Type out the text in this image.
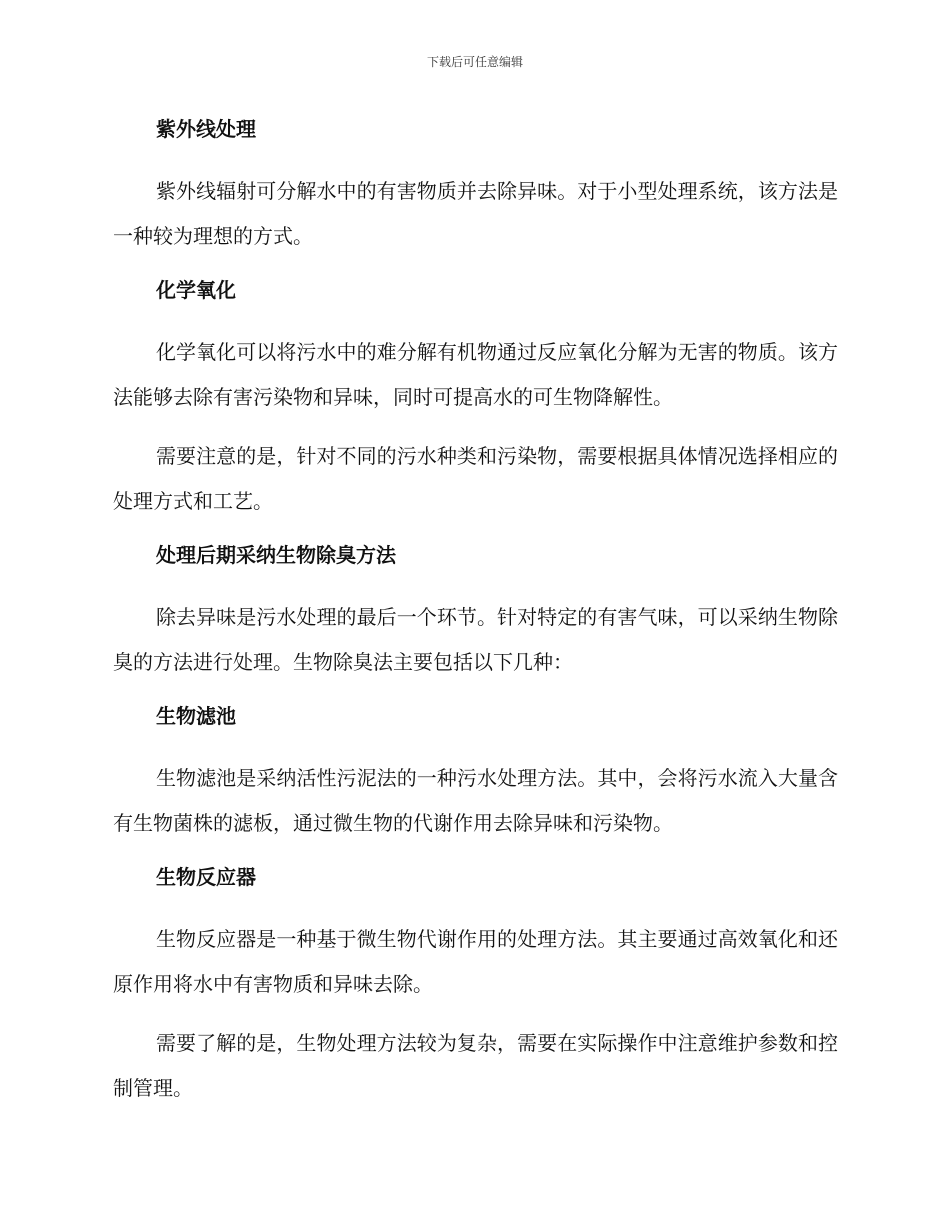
下载后可任意编辑
紫外线处理

紫外线辐射可分解水中的有害物质并去除异味。对于小型处理系统，该方法是一种较为理想的方式。

化学氧化

化学氧化可以将污水中的难分解有机物通过反应氧化分解为无害的物质。该方法能够去除有害污染物和异味，同时可提高水的可生物降解性。

需要注意的是，针对不同的污水种类和污染物，需要根据具体情况选择相应的处理方式和工艺。

处理后期采纳生物除臭方法

除去异味是污水处理的最后一个环节。针对特定的有害气味，可以采纳生物除臭的方法进行处理。生物除臭法主要包括以下几种：

生物滤池

生物滤池是采纳活性污泥法的一种污水处理方法。其中，会将污水流入大量含有生物菌株的滤板，通过微生物的代谢作用去除异味和污染物。

生物反应器

生物反应器是一种基于微生物代谢作用的处理方法。其主要通过高效氧化和还原作用将水中有害物质和异味去除。

需要了解的是，生物处理方法较为复杂，需要在实际操作中注意维护参数和控制管理。
